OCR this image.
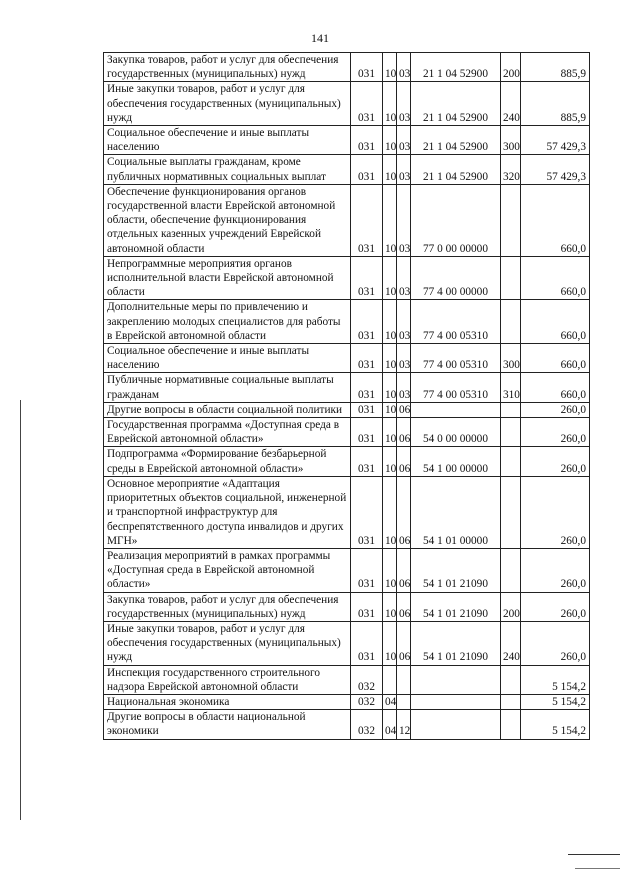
141
Закупка товаров, работ и услуг для обеспечения государственных (муниципальных) нужд	031	10	03	21 1 04 52900	200	885,9
Иные закупки товаров, работ и услуг для обеспечения государственных (муниципальных) нужд	031	10	03	21 1 04 52900	240	885,9
Социальное обеспечение и иные выплаты населению	031	10	03	21 1 04 52900	300	57 429,3
Социальные выплаты гражданам, кроме публичных нормативных социальных выплат	031	10	03	21 1 04 52900	320	57 429,3
Обеспечение функционирования органов государственной власти Еврейской автономной области, обеспечение функционирования отдельных казенных учреждений Еврейской автономной области	031	10	03	77 0 00 00000		660,0
Непрограммные мероприятия органов исполнительной власти Еврейской автономной области	031	10	03	77 4 00 00000		660,0
Дополнительные меры по привлечению и закреплению молодых специалистов для работы в Еврейской автономной области	031	10	03	77 4 00 05310		660,0
Социальное обеспечение и иные выплаты населению	031	10	03	77 4 00 05310	300	660,0
Публичные нормативные социальные выплаты гражданам	031	10	03	77 4 00 05310	310	660,0
Другие вопросы в области социальной политики	031	10	06			260,0
Государственная программа «Доступная среда в Еврейской автономной области»	031	10	06	54 0 00 00000		260,0
Подпрограмма «Формирование безбарьерной среды в Еврейской автономной области»	031	10	06	54 1 00 00000		260,0
Основное мероприятие «Адаптация приоритетных объектов социальной, инженерной и транспортной инфраструктур для беспрепятственного доступа инвалидов и других МГН»	031	10	06	54 1 01 00000		260,0
Реализация мероприятий в рамках программы «Доступная среда в Еврейской автономной области»	031	10	06	54 1 01 21090		260,0
Закупка товаров, работ и услуг для обеспечения государственных (муниципальных) нужд	031	10	06	54 1 01 21090	200	260,0
Иные закупки товаров, работ и услуг для обеспечения государственных (муниципальных) нужд	031	10	06	54 1 01 21090	240	260,0
Инспекция государственного строительного надзора Еврейской автономной области	032					5 154,2
Национальная экономика	032	04				5 154,2
Другие вопросы в области национальной экономики	032	04	12			5 154,2
